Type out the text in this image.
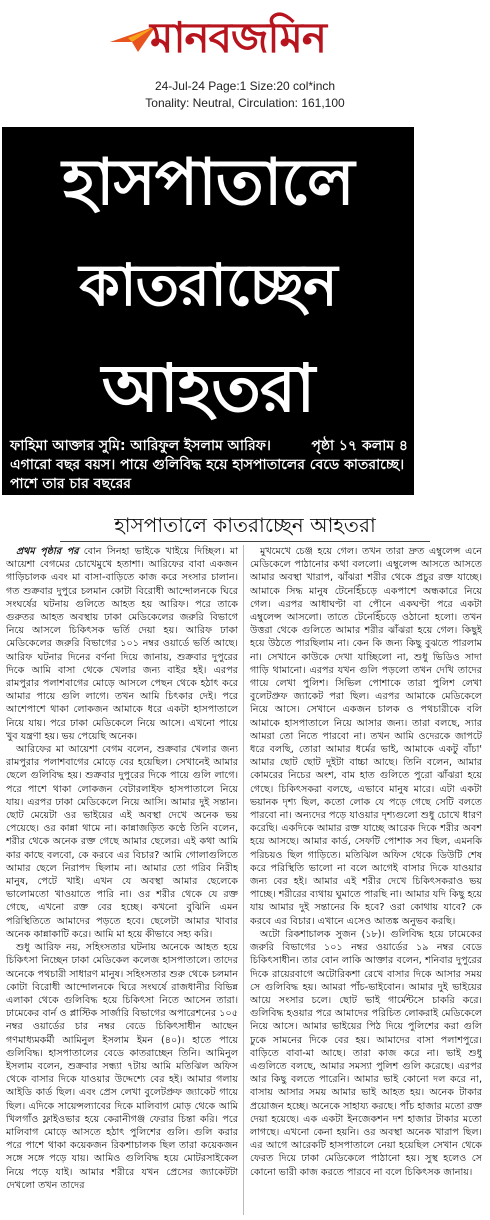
মানবজমিন
24-Jul-24 Page:1 Size:20 col*inch
Tonality: Neutral, Circulation: 161,100
হাসপাতালে
কাতরাচ্ছেন
আহতরা
পৃষ্ঠা ১৭ কলাম ৪
ফাহিমা আক্তার সুমি: আরিফুল ইসলাম আরিফ। এগারো বছর বয়স। পায়ে গুলিবিদ্ধ হয়ে হাসপাতালের বেডে কাতরাচ্ছে। পাশে তার চার বছরের
হাসপাতালে কাতরাচ্ছেন আহতরা

প্রথম পৃষ্ঠার পর বোন সিনহা ভাইকে খাইয়ে দিচ্ছিল। মা আয়েশা বেগমের চোখেমুখে হতাশা। আরিফের বাবা একজন গাড়িচালক এবং মা বাসা-বাড়িতে কাজ করে সংসার চালান। গত শুক্রবার দুপুরে চলমান কোটা বিরোধী আন্দোলনকে ঘিরে সংঘর্ষের ঘটনায় গুলিতে আহত হয় আরিফ। পরে তাকে গুরুতর আহত অবস্থায় ঢাকা মেডিকেলের জরুরি বিভাগে নিয়ে আসলে চিকিৎসক ভর্তি দেয়া হয়। আরিফ ঢাকা মেডিকেলের জরুরি বিভাগের ১০১ নম্বর ওয়ার্ডে ভর্তি আছে। আরিফ ঘটনার দিনের বর্ণনা দিয়ে জানায়, শুক্রবার দুপুরের দিকে আমি বাসা থেকে খেলার জন্য বাইর হই। এরপর রামপুরার পলাশবাগের মোড়ে আসলে পেছন থেকে হঠাৎ করে আমার পায়ে গুলি লাগে। তখন আমি চিৎকার দেই। পরে আশেপাশে থাকা লোকজন আমাকে ধরে একটা হাসপাতালে নিয়ে যায়। পরে ঢাকা মেডিকেলে নিয়ে আসে। এখনো পায়ে খুব যন্ত্রণা হয়। ভয় পেয়েছি অনেক।

আরিফের মা আয়েশা বেগম বলেন, শুক্রবার খেলার জন্য রামপুরার পলাশবাগের মোড়ে বের হয়েছিল। সেখানেই আমার ছেলে গুলিবিদ্ধ হয়। শুক্রবার দুপুরের দিকে পায়ে গুলি লাগে। পরে পাশে থাকা লোকজন বেটারলাইফ হাসপাতালে নিয়ে যায়। এরপর ঢাকা মেডিকেলে নিয়ে আসি। আমার দুই সন্তান। ছোট মেয়েটা ওর ভাইয়ের এই অবস্থা দেখে অনেক ভয় পেয়েছে। ওর কান্না থামে না। কান্নাজড়িত কণ্ঠে তিনি বলেন, শরীর থেকে অনেক রক্ত গেছে আমার ছেলের। এই কথা আমি কার কাছে বলবো, কে করবে এর বিচার? আমি গোলাগুলিতে আমার ছেলে নিরাপদ ছিলাম না। আমার তো গরিব নিরীহ মানুষ, পেটে খাই। এখন যে অবস্থা আমার ছেলেকে ভালোমতো খাওয়াতে পারি না। ওর শরীর থেকে যে রক্ত গেছে, এখনো রক্ত বের হচ্ছে। কখনো বুঝিনি এমন পরিস্থিতিতে আমাদের পড়তে হবে। ছেলেটা আমার খাবার অনেক কান্নাকাটি করে। আমি মা হয়ে কীভাবে সহ্য করি।

শুধু আরিফ নয়, সহিংসতার ঘটনায় অনেকে আহত হয়ে চিকিৎসা নিচ্ছেন ঢাকা মেডিকেল কলেজ হাসপাতালে। তাদের অনেকে পথচারী সাধারণ মানুষ। সহিংসতার শুরু থেকে চলমান কোটা বিরোধী আন্দোলনকে ঘিরে সংঘর্ষে রাজধানীর বিভিন্ন এলাকা থেকে গুলিবিদ্ধ হয়ে চিকিৎসা নিতে আসেন তারা। ঢামেকের বার্ন ও প্লাস্টিক সার্জারি বিভাগের অপারেশনের ১০৫ নম্বর ওয়ার্ডের চার নম্বর বেডে চিকিৎসাধীন আছেন গণমাধ্যমকর্মী আমিনুল ইসলাম ইমন (৪০)। হাতে পায়ে গুলিবিদ্ধ। হাসপাতালের বেডে কাতরাচ্ছেন তিনি। আমিনুল ইসলাম বলেন, শুক্রবার সন্ধ্যা ৭টায় আমি মতিঝিল অফিস থেকে বাসার দিকে যাওয়ার উদ্দেশ্যে বের হই। আমার গলায় আইডি কার্ড ছিল। এবং প্রেস লেখা বুলেটপ্রুফ জ্যাকেট গায়ে ছিল। এদিকে সায়েন্সল্যাবের দিকে মালিবাগ মোড় থেকে আমি খিলগাঁও ফ্লাইওভার হয়ে কেরানীগঞ্জ ফেরার চিন্তা করি। পরে মালিবাগ মোড়ে আসতে হঠাৎ পুলিশের গুলি। গুলি করার পরে পাশে থাকা কয়েকজন রিকশাচালক ছিল তারা কয়েকজন সঙ্গে সঙ্গে পড়ে যায়। আমিও গুলিবিদ্ধ হয়ে মোটরসাইকেল নিয়ে পড়ে যাই। আমার শরীরে যখন প্রেসের জ্যাকেটটা দেখলো তখন তাদের

মুখমেখে চেঞ্জ হয়ে গেল। তখন তারা দ্রুত এম্বুলেন্স এনে মেডিকেলে পাঠানোর কথা বললো। এম্বুলেন্স আসতে আসতে আমার অবস্থা খারাপ, ঝাঁঝরা শরীর থেকে প্রচুর রক্ত যাচ্ছে। আমাকে সিদ্ধ মানুষ টেনেহিঁচড়ে একপাশে অন্ধকারে নিয়ে গেল। এরপর আধাঘণ্টা বা পৌনে একঘণ্টা পরে একটা এম্বুলেন্স আসলো। তাতে টেনেহিঁচড়ে ওঠানো হলো। তখন উত্তরা থেকে গুলিতে আমার শরীর ঝাঁঝরা হয়ে গেল। কিছুই হয়ে উঠতে পারছিলাম না। কেন কি জন্য কিছু বুঝতে পারলাম না। সেখানে কাউকে দেখা যাচ্ছিলো না, শুধু ভিডিও সাদা গাড়ি থামানো। এরপর যখন গুলি পড়লো তখন দেখি তাদের গায়ে লেখা পুলিশ। সিভিল পোশাকে তারা পুলিশ লেখা বুলেটপ্রুফ জ্যাকেট পরা ছিল। এরপর আমাকে মেডিকেলে নিয়ে আসে। সেখানে একজন চালক ও পথচারীকে বলি আমাকে হাসপাতালে নিয়ে আসার জন্য। তারা বলছে, স্যার আমরা তো নিতে পারবো না। তখন আমি ওদেরকে জাপটে ধরে বলছি, তোরা আমার ধর্মের ভাই, আমাকে একটু বাঁচা' আমার ছোট ছোট দুইটা বাচ্চা আছে। তিনি বলেন, আমার কোমরের নিচের অংশ, বাম হাত গুলিতে পুরো ঝাঁঝরা হয়ে গেছে। চিকিৎসকরা বলছে, এভাবে মানুষ মারে। এটা একটা ভয়ানক দৃশ্য ছিল, কতো লোক যে পড়ে গেছে সেটি বলতে পারবো না। অন্যদের পড়ে যাওয়ার দৃশ্যগুলো শুধু চোখে ধারণ করেছি। একদিকে আমার রক্ত যাচ্ছে আরেক দিকে শরীর অবশ হয়ে আসছে। আমার কার্ড, সেফটি পোশাক সব ছিল, এমনকি পরিচয়ও ছিল গাড়িতে। মতিঝিল অফিস থেকে ডিউটি শেষ করে পরিস্থিতি ভালো না বলে আগেই বাসার দিকে যাওয়ার জন্য বের হই। আমার এই শরীর দেখে চিকিৎসকরাও ভয় পাচ্ছে। শরীরের ব্যথায় ঘুমাতে পারছি না। আমার যদি কিছু হয়ে যায় আমার দুই সন্তানের কি হবে? ওরা কোথায় যাবে? কে করবে এর বিচার। এখানে এসেও আতঙ্ক অনুভব করছি।

অটো রিকশাচালক সুজন (১৮)। গুলিবিদ্ধ হয়ে ঢামেকের জরুরি বিভাগের ১০১ নম্বর ওয়ার্ডের ১৯ নম্বর বেডে চিকিৎসাধীন। তার বোন লাকি আক্তার বলেন, শনিবার দুপুরের দিকে রায়েরবাগে অটোরিকশা রেখে বাসার দিকে আসার সময় সে গুলিবিদ্ধ হয়। আমরা পাঁচ-ভাইবোন। আমার দুই ভাইয়ের আয়ে সংসার চলে। ছোট ভাই গার্মেন্টসে চাকরি করে। গুলিবিদ্ধ হওয়ার পরে আমাদের পরিচিত লোকরাই মেডিকেলে নিয়ে আসে। আমার ভাইয়ের পিঠ দিয়ে পুলিশের করা গুলি ঢুকে সামনের দিকে বের হয়। আমাদের বাসা পলাশপুরে। বাড়িতে বাবা-মা আছে। তারা কাজ করে না। ভাই শুধু এগুলিতে বলছে, আমার সমস্যা পুলিশ গুলি করেছে। এরপর আর কিছু বলতে পারেনি। আমার ভাই কোনো দল করে না, বাসায় আসার সময় আমার ভাই আহত হয়। অনেক টাকার প্রয়োজন হচ্ছে। অনেকে সাহায্য করছে। পাঁচ হাজার মতো রক্ত দেয়া হয়েছে। এক একটা ইনজেকশন দশ হাজার টাকার মতো লাগছে। এখনো কেনা হয়নি। ওর অবস্থা অনেক খারাপ ছিল। এর আগে আরেকটি হাসপাতালে নেয়া হয়েছিল সেখান থেকে ফেরত দিয়ে ঢাকা মেডিকেলে পাঠানো হয়। সুস্থ হলেও সে কোনো ভারী কাজ করতে পারবে না বলে চিকিৎসক জানায়।
